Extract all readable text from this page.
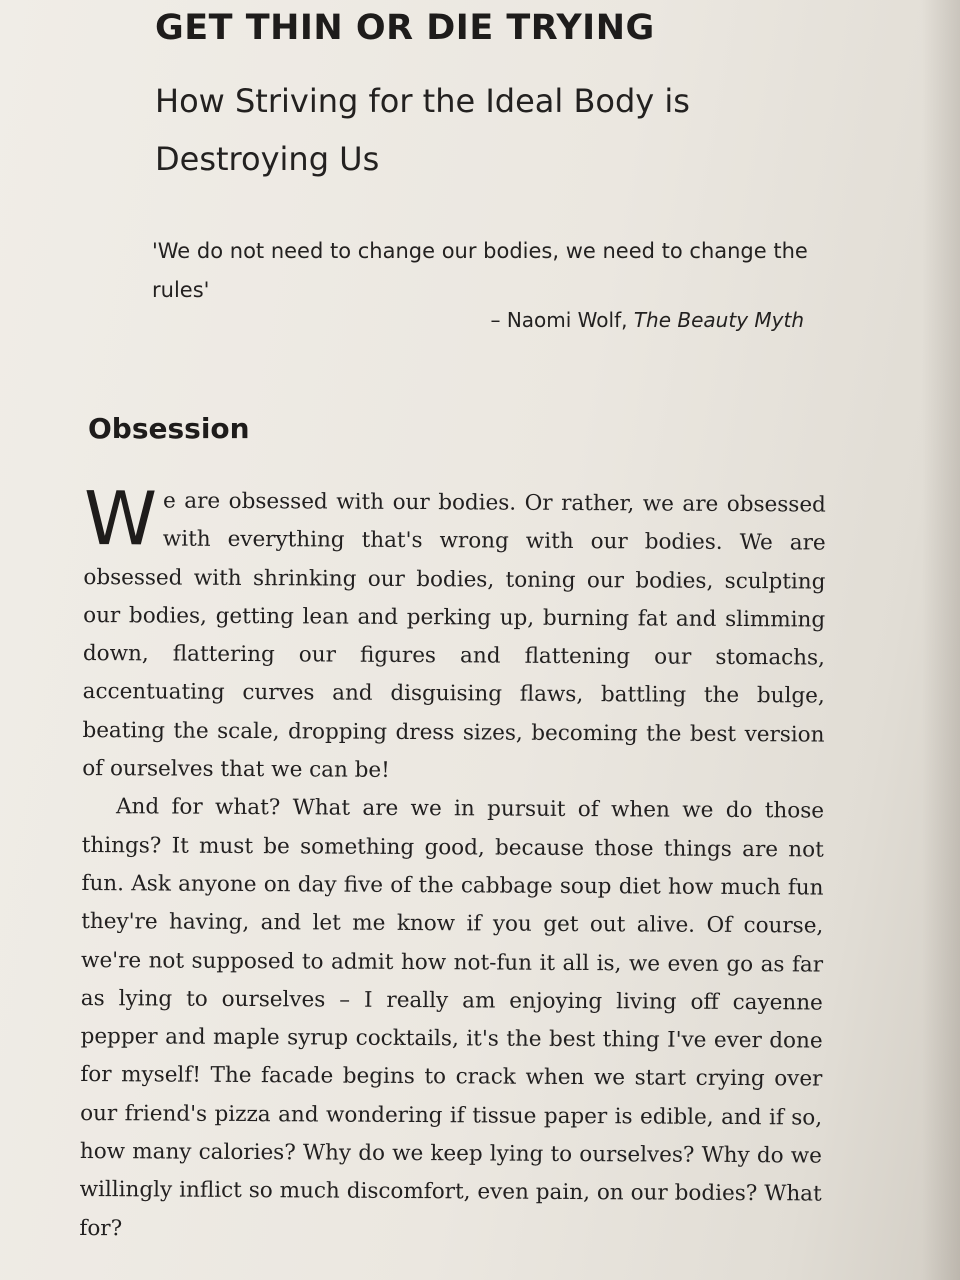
GET THIN OR DIE TRYING
How Striving for the Ideal Body is Destroying Us

'We do not need to change our bodies, we need to change the rules'

– Naomi Wolf, The Beauty Myth

Obsession

We are obsessed with our bodies. Or rather, we are obsessed with everything that's wrong with our bodies. We are obsessed with shrinking our bodies, toning our bodies, sculpting our bodies, getting lean and perking up, burning fat and slimming down, flattering our figures and flattening our stomachs, accentuating curves and disguising flaws, battling the bulge, beating the scale, dropping dress sizes, becoming the best version of ourselves that we can be!

And for what? What are we in pursuit of when we do those things? It must be something good, because those things are not fun. Ask anyone on day five of the cabbage soup diet how much fun they're having, and let me know if you get out alive. Of course, we're not supposed to admit how not-fun it all is, we even go as far as lying to ourselves – I really am enjoying living off cayenne pepper and maple syrup cocktails, it's the best thing I've ever done for myself! The facade begins to crack when we start crying over our friend's pizza and wondering if tissue paper is edible, and if so, how many calories? Why do we keep lying to ourselves? Why do we willingly inflict so much discomfort, even pain, on our bodies? What for?
